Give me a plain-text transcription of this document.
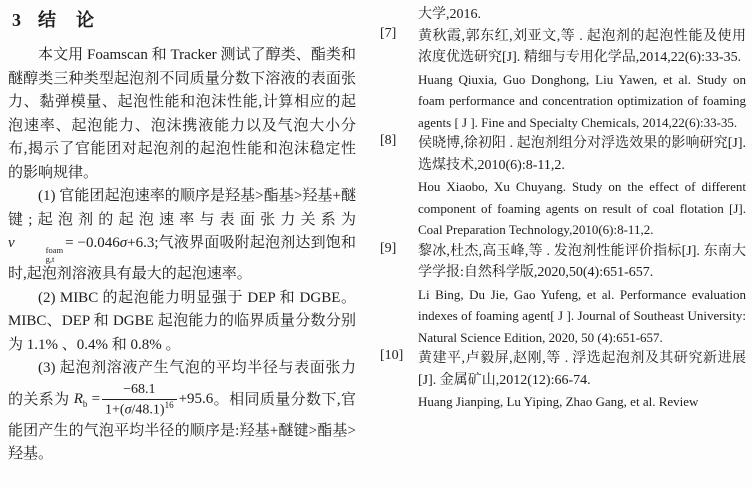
3 结　论

本文用 Foamscan 和 Tracker 测试了醇类、酯类和醚醇类三种类型起泡剂不同质量分数下溶液的表面张力、黏弹模量、起泡性能和泡沫性能,计算相应的起泡速率、起泡能力、泡沫携液能力以及气泡大小分布,揭示了官能团对起泡剂的起泡性能和泡沫稳定性的影响规律。

(1) 官能团起泡速率的顺序是羟基>酯基>羟基+醚键;起泡剂的起泡速率与表面张力关系为 v	foam
g,t
= −0.046σ+6.3;气液界面吸附起泡剂达到饱和时,起泡剂溶液具有最大的起泡速率。

(2) MIBC 的起泡能力明显强于 DEP 和 DGBE。MIBC、DEP 和 DGBE 起泡能力的临界质量分数分别为 1.1% 、0.4% 和 0.8% 。

(3) 起泡剂溶液产生气泡的平均半径与表面张力的关系为 $R_b = \frac{-68.1}{1+(\sigma/48.1)^{16}} +95.6$。相同质量分数下,官能团产生的气泡平均半径的顺序是:羟基+醚键>酯基>羟基。

大学,2016.
[7] 黄秋霞,郭东红,刘亚文,等 . 起泡剂的起泡性能及使用浓度优选研究[J]. 精细与专用化学品,2014,22(6):33-35.
Huang Qiuxia, Guo Donghong, Liu Yawen, et al. Study on foam performance and concentration optimization of foaming agents [ J ]. Fine and Specialty Chemicals, 2014,22(6):33-35.
[8] 侯晓博,徐初阳 . 起泡剂组分对浮选效果的影响研究[J]. 选煤技术,2010(6):8-11,2.
Hou Xiaobo, Xu Chuyang. Study on the effect of different component of foaming agents on result of coal flotation [J]. Coal Preparation Technology,2010(6):8-11,2.
[9] 黎冰,杜杰,高玉峰,等 . 发泡剂性能评价指标[J]. 东南大学学报:自然科学版,2020,50(4):651-657.
Li Bing, Du Jie, Gao Yufeng, et al. Performance evaluation indexes of foaming agent[ J ]. Journal of Southeast University: Natural Science Edition, 2020, 50 (4):651-657.
[10] 黄建平,卢毅屏,赵刚,等 . 浮选起泡剂及其研究新进展[J]. 金属矿山,2012(12):66-74.
Huang Jianping, Lu Yiping, Zhao Gang, et al. Review
